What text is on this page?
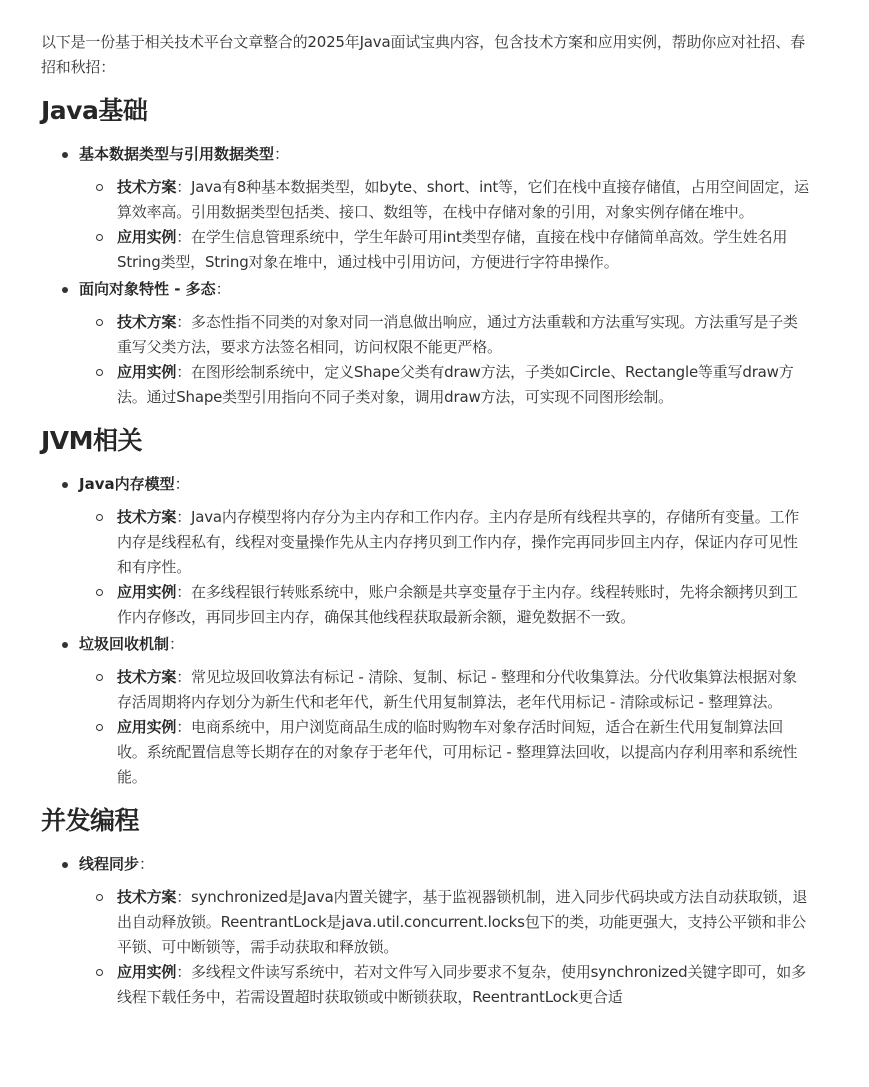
以下是一份基于相关技术平台文章整合的2025年Java面试宝典内容，包含技术方案和应用实例，帮助你应对社招、春招和秋招：

Java基础
基本数据类型与引用数据类型：
技术方案：Java有8种基本数据类型，如byte、short、int等，它们在栈中直接存储值，占用空间固定，运算效率高。引用数据类型包括类、接口、数组等，在栈中存储对象的引用，对象实例存储在堆中。
应用实例：在学生信息管理系统中，学生年龄可用int类型存储，直接在栈中存储简单高效。学生姓名用String类型，String对象在堆中，通过栈中引用访问，方便进行字符串操作。
面向对象特性 - 多态：
技术方案：多态性指不同类的对象对同一消息做出响应，通过方法重载和方法重写实现。方法重写是子类重写父类方法，要求方法签名相同，访问权限不能更严格。
应用实例：在图形绘制系统中，定义Shape父类有draw方法，子类如Circle、Rectangle等重写draw方法。通过Shape类型引用指向不同子类对象，调用draw方法，可实现不同图形绘制。
JVM相关
Java内存模型：
技术方案：Java内存模型将内存分为主内存和工作内存。主内存是所有线程共享的，存储所有变量。工作内存是线程私有，线程对变量操作先从主内存拷贝到工作内存，操作完再同步回主内存，保证内存可见性和有序性。
应用实例：在多线程银行转账系统中，账户余额是共享变量存于主内存。线程转账时，先将余额拷贝到工作内存修改，再同步回主内存，确保其他线程获取最新余额，避免数据不一致。
垃圾回收机制：
技术方案：常见垃圾回收算法有标记 - 清除、复制、标记 - 整理和分代收集算法。分代收集算法根据对象存活周期将内存划分为新生代和老年代，新生代用复制算法，老年代用标记 - 清除或标记 - 整理算法。
应用实例：电商系统中，用户浏览商品生成的临时购物车对象存活时间短，适合在新生代用复制算法回收。系统配置信息等长期存在的对象存于老年代，可用标记 - 整理算法回收，以提高内存利用率和系统性能。
并发编程
线程同步：
技术方案：synchronized是Java内置关键字，基于监视器锁机制，进入同步代码块或方法自动获取锁，退出自动释放锁。ReentrantLock是java.util.concurrent.locks包下的类，功能更强大，支持公平锁和非公平锁、可中断锁等，需手动获取和释放锁。
应用实例：多线程文件读写系统中，若对文件写入同步要求不复杂，使用synchronized关键字即可，如多线程下载任务中，若需设置超时获取锁或中断锁获取，ReentrantLock更合适
